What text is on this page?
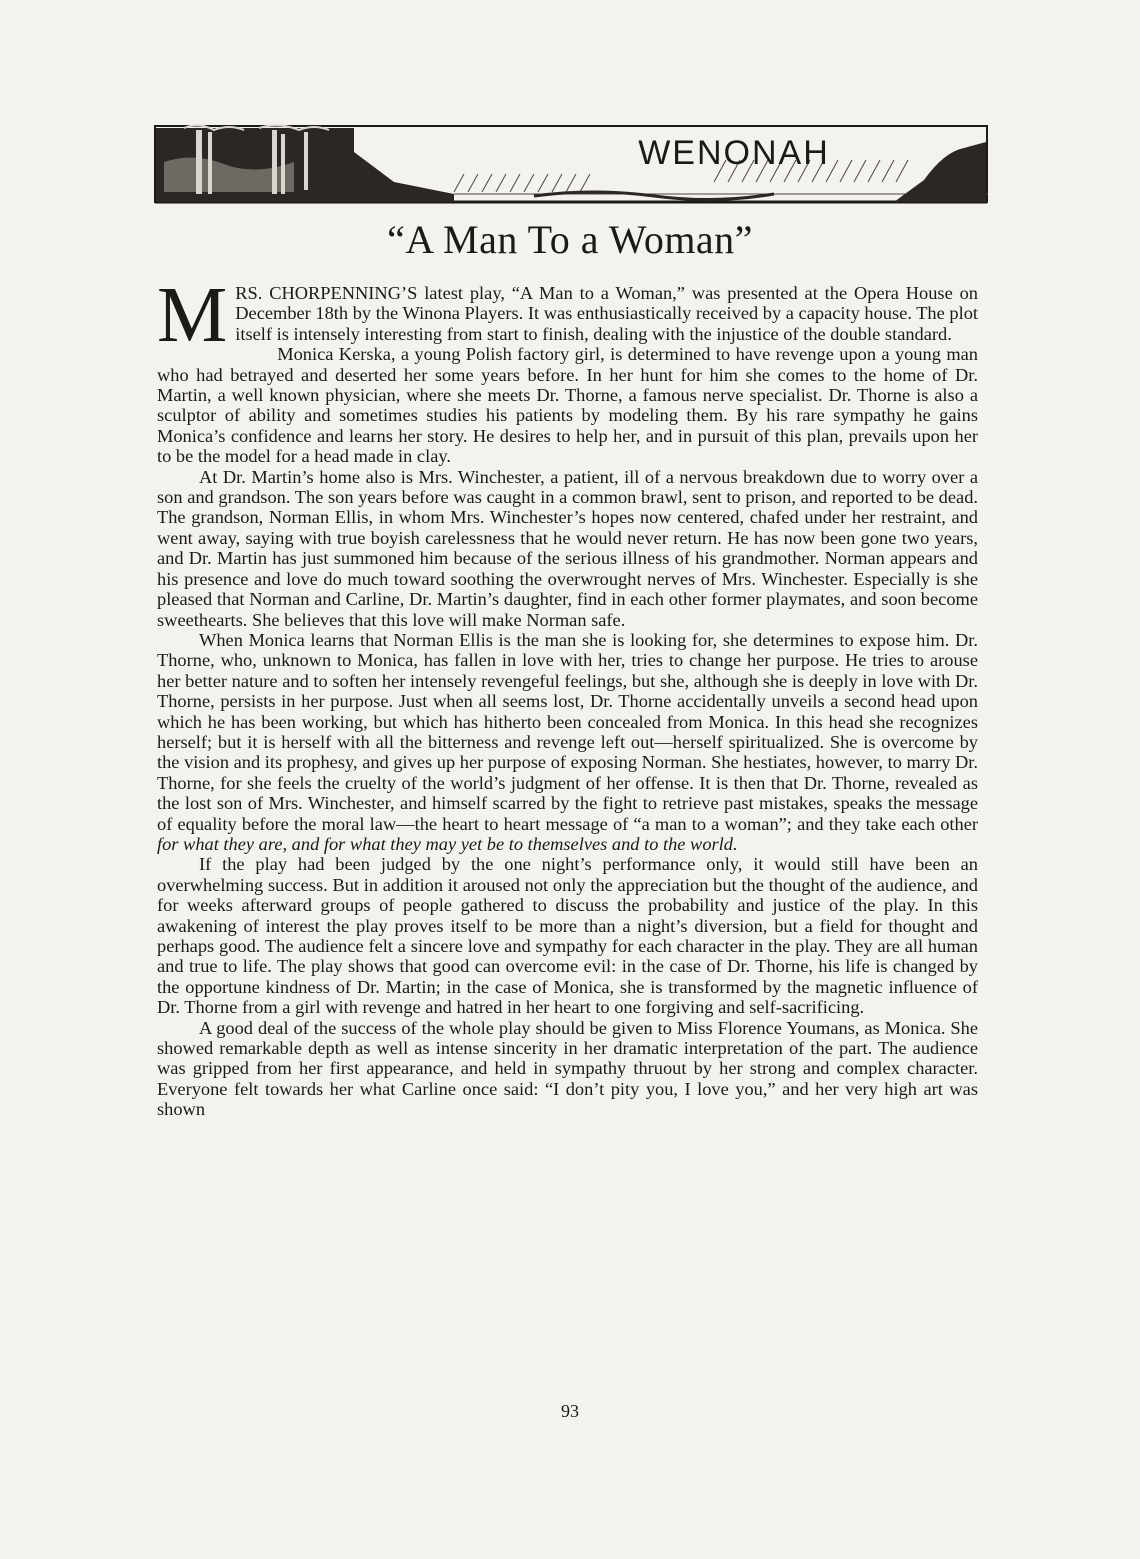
WENONAH
“A Man To a Woman”

MRS. CHORPENNING’S latest play, “A Man to a Woman,” was presented at the Opera House on December 18th by the Winona Players. It was enthusiastically received by a capacity house. The plot itself is intensely interesting from start to finish, dealing with the injustice of the double standard.

Monica Kerska, a young Polish factory girl, is determined to have revenge upon a young man who had betrayed and deserted her some years before. In her hunt for him she comes to the home of Dr. Martin, a well known physician, where she meets Dr. Thorne, a famous nerve specialist. Dr. Thorne is also a sculptor of ability and sometimes studies his patients by modeling them. By his rare sympathy he gains Monica’s confidence and learns her story. He desires to help her, and in pursuit of this plan, prevails upon her to be the model for a head made in clay.

At Dr. Martin’s home also is Mrs. Winchester, a patient, ill of a nervous breakdown due to worry over a son and grandson. The son years before was caught in a common brawl, sent to prison, and reported to be dead. The grandson, Norman Ellis, in whom Mrs. Winchester’s hopes now centered, chafed under her restraint, and went away, saying with true boyish carelessness that he would never return. He has now been gone two years, and Dr. Martin has just summoned him because of the serious illness of his grandmother. Norman appears and his presence and love do much toward soothing the overwrought nerves of Mrs. Winchester. Especially is she pleased that Norman and Carline, Dr. Martin’s daughter, find in each other former playmates, and soon become sweethearts. She believes that this love will make Norman safe.

When Monica learns that Norman Ellis is the man she is looking for, she determines to expose him. Dr. Thorne, who, unknown to Monica, has fallen in love with her, tries to change her purpose. He tries to arouse her better nature and to soften her intensely revengeful feelings, but she, although she is deeply in love with Dr. Thorne, persists in her purpose. Just when all seems lost, Dr. Thorne accidentally unveils a second head upon which he has been working, but which has hitherto been concealed from Monica. In this head she recognizes herself; but it is herself with all the bitterness and revenge left out—herself spiritualized. She is overcome by the vision and its prophesy, and gives up her purpose of exposing Norman. She hestiates, however, to marry Dr. Thorne, for she feels the cruelty of the world’s judgment of her offense. It is then that Dr. Thorne, revealed as the lost son of Mrs. Winchester, and himself scarred by the fight to retrieve past mistakes, speaks the message of equality before the moral law—the heart to heart message of “a man to a woman”; and they take each other for what they are, and for what they may yet be to themselves and to the world.

If the play had been judged by the one night’s performance only, it would still have been an overwhelming success. But in addition it aroused not only the appreciation but the thought of the audience, and for weeks afterward groups of people gathered to discuss the probability and justice of the play. In this awakening of interest the play proves itself to be more than a night’s diversion, but a field for thought and perhaps good. The audience felt a sincere love and sympathy for each character in the play. They are all human and true to life. The play shows that good can overcome evil: in the case of Dr. Thorne, his life is changed by the opportune kindness of Dr. Martin; in the case of Monica, she is transformed by the magnetic influence of Dr. Thorne from a girl with revenge and hatred in her heart to one forgiving and self-sacrificing.

A good deal of the success of the whole play should be given to Miss Florence Youmans, as Monica. She showed remarkable depth as well as intense sincerity in her dramatic interpretation of the part. The audience was gripped from her first appearance, and held in sympathy thruout by her strong and complex character. Everyone felt towards her what Carline once said: “I don’t pity you, I love you,” and her very high art was shown

93
